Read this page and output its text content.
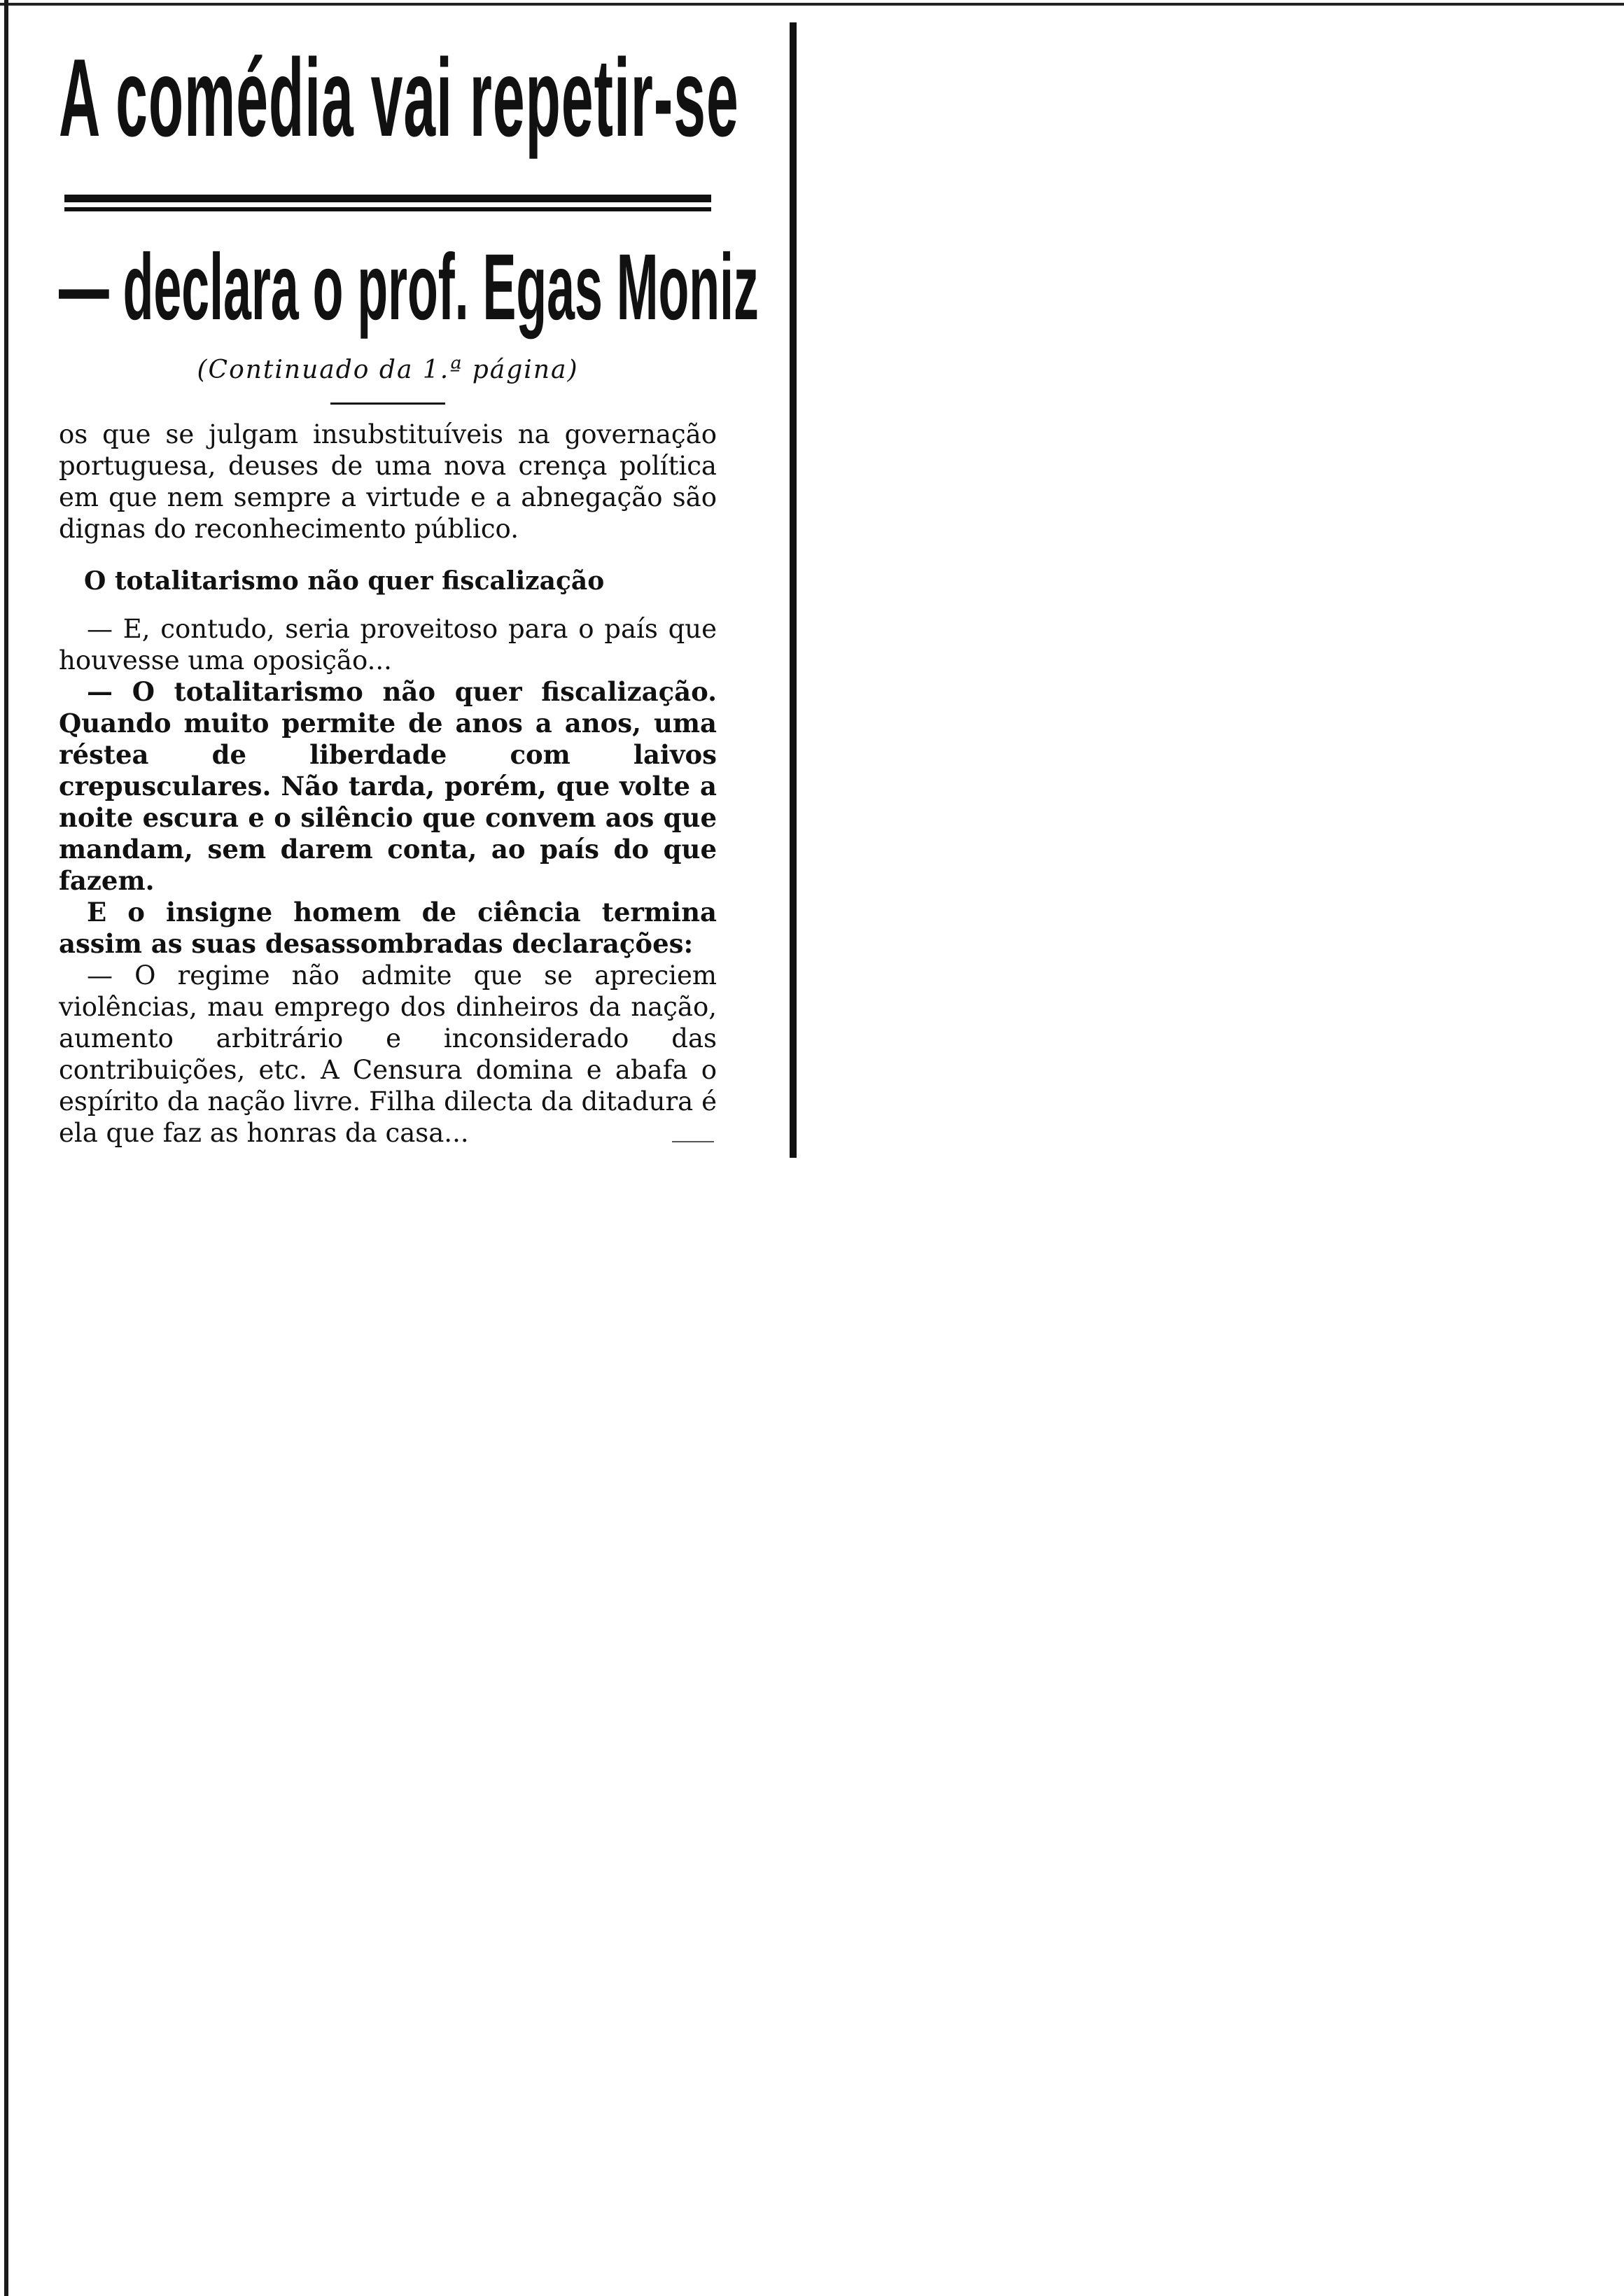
A comédia vai repetir-se
— declara o prof. Egas Moniz
(Continuado da 1.ª página)

os que se julgam insubstituíveis na governação portuguesa, deuses de uma nova crença política em que nem sempre a virtude e a abnegação são dignas do reconhecimento público.

O totalitarismo não quer fiscalização

— E, contudo, seria proveitoso para o país que houvesse uma oposição...

— O totalitarismo não quer fiscalização. Quando muito permite de anos a anos, uma réstea de liberdade com laivos crepusculares. Não tarda, porém, que volte a noite escura e o silêncio que convem aos que mandam, sem darem conta, ao país do que fazem.

E o insigne homem de ciência termina assim as suas desassombradas declarações:

— O regime não admite que se apreciem violências, mau emprego dos dinheiros da nação, aumento arbitrário e inconsiderado das contribuições, etc. A Censura domina e abafa o espírito da nação livre. Filha dilecta da ditadura é ela que faz as honras da casa...
